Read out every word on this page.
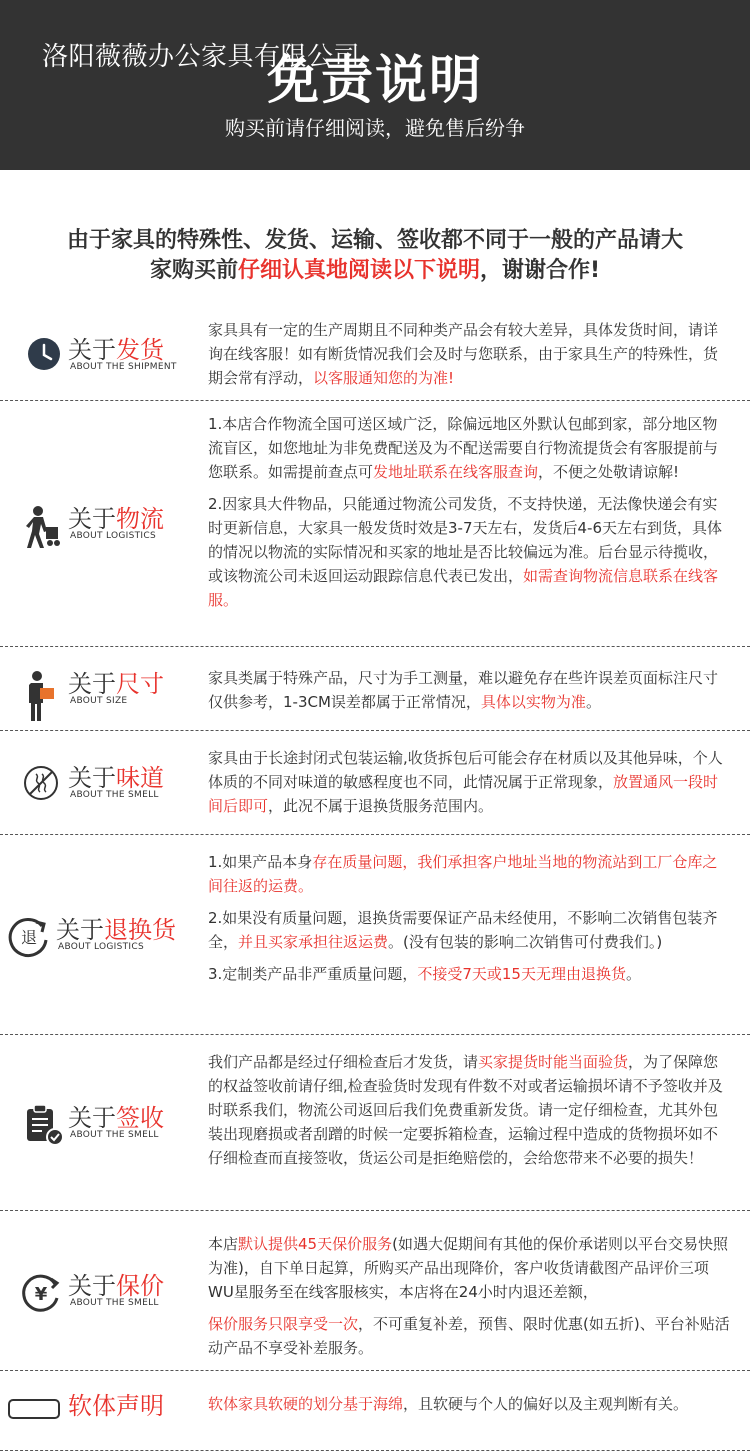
洛阳薇薇办公家具有限公司
免责说明
购买前请仔细阅读，避免售后纷争
由于家具的特殊性、发货、运输、签收都不同于一般的产品请大
家购买前仔细认真地阅读以下说明，谢谢合作!
关于发货
ABOUT THE SHIPMENT

家具具有一定的生产周期且不同种类产品会有较大差异，具体发货时间，请详询在线客服！如有断货情况我们会及时与您联系，由于家具生产的特殊性，货期会常有浮动，以客服通知您的为准!

关于物流
ABOUT LOGISTICS

1.本店合作物流全国可送区域广泛，除偏远地区外默认包邮到家，部分地区物流盲区，如您地址为非免费配送及为不配送需要自行物流提货会有客服提前与您联系。如需提前查点可发地址联系在线客服查询，不便之处敬请谅解!

2.因家具大件物品，只能通过物流公司发货，不支持快递，无法像快递会有实时更新信息，大家具一般发货时效是3-7天左右，发货后4-6天左右到货，具体的情况以物流的实际情况和买家的地址是否比较偏远为准。后台显示待揽收，或该物流公司未返回运动跟踪信息代表已发出，如需查询物流信息联系在线客服。

关于尺寸
ABOUT SIZE

家具类属于特殊产品，尺寸为手工测量，难以避免存在些许误差页面标注尺寸仅供参考，1-3CM误差都属于正常情况，具体以实物为准。

关于味道
ABOUT THE SMELL

家具由于长途封闭式包装运输,收货拆包后可能会存在材质以及其他异味，个人体质的不同对味道的敏感程度也不同，此情况属于正常现象，放置通风一段时间后即可，此况不属于退换货服务范围内。

退 关于退换货
ABOUT LOGISTICS

1.如果产品本身存在质量问题，我们承担客户地址当地的物流站到工厂仓库之间往返的运费。

2.如果没有质量问题，退换货需要保证产品未经使用，不影响二次销售包装齐全，并且买家承担往返运费。(没有包装的影响二次销售可付费我们。)

3.定制类产品非严重质量问题，不接受7天或15天无理由退换货。

关于签收
ABOUT THE SMELL

我们产品都是经过仔细检查后才发货，请买家提货时能当面验货，为了保障您的权益签收前请仔细,检查验货时发现有件数不对或者运输损坏请不予签收并及时联系我们，物流公司返回后我们免费重新发货。请一定仔细检查，尤其外包装出现磨损或者刮蹭的时候一定要拆箱检查，运输过程中造成的货物损坏如不仔细检查而直接签收，货运公司是拒绝赔偿的，会给您带来不必要的损失！

¥ 关于保价
ABOUT THE SMELL

本店默认提供45天保价服务(如遇大促期间有其他的保价承诺则以平台交易快照为准)，自下单日起算，所购买产品出现降价，客户收货请截图产品评价三项WU星服务至在线客服核实，本店将在24小时内退还差额，

保价服务只限享受一次，不可重复补差，预售、限时优惠(如五折)、平台补贴活动产品不享受补差服务。

软体声明	软体家具软硬的划分基于海绵，且软硬与个人的偏好以及主观判断有关。
